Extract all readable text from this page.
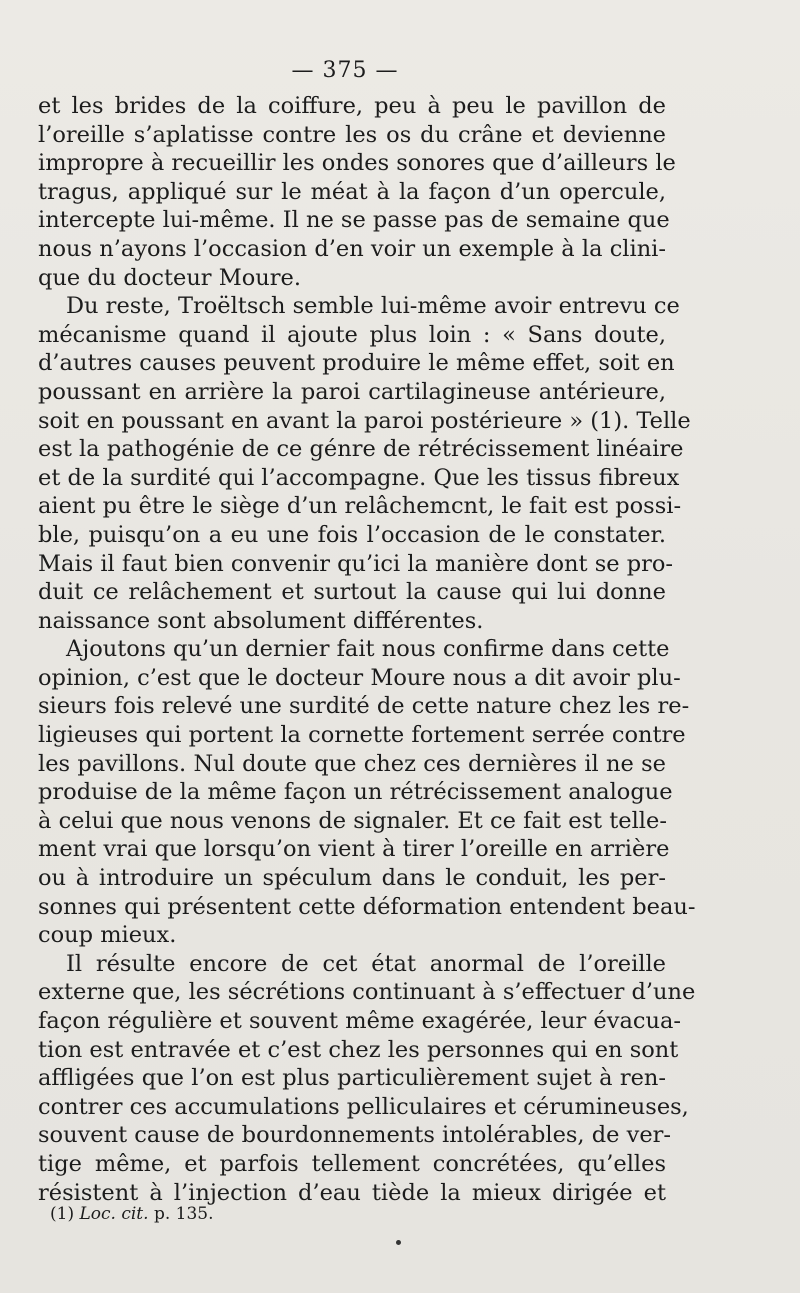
— 375 —
et les brides de la coiffure, peu à peu le pavillon de
l’oreille s’aplatisse contre les os du crâne et devienne
impropre à recueillir les ondes sonores que d’ailleurs le
tragus, appliqué sur le méat à la façon d’un opercule,
intercepte lui-même. Il ne se passe pas de semaine que
nous n’ayons l’occasion d’en voir un exemple à la clini-
que du docteur Moure.
Du reste, Troëltsch semble lui-même avoir entrevu ce
mécanisme quand il ajoute plus loin : « Sans doute,
d’autres causes peuvent produire le même effet, soit en
poussant en arrière la paroi cartilagineuse antérieure,
soit en poussant en avant la paroi postérieure » (1). Telle
est la pathogénie de ce génre de rétrécissement linéaire
et de la surdité qui l’accompagne. Que les tissus fibreux
aient pu être le siège d’un relâchemcnt, le fait est possi-
ble, puisqu’on a eu une fois l’occasion de le constater.
Mais il faut bien convenir qu’ici la manière dont se pro-
duit ce relâchement et surtout la cause qui lui donne
naissance sont absolument différentes.
Ajoutons qu’un dernier fait nous confirme dans cette
opinion, c’est que le docteur Moure nous a dit avoir plu-
sieurs fois relevé une surdité de cette nature chez les re-
ligieuses qui portent la cornette fortement serrée contre
les pavillons. Nul doute que chez ces dernières il ne se
produise de la même façon un rétrécissement analogue
à celui que nous venons de signaler. Et ce fait est telle-
ment vrai que lorsqu’on vient à tirer l’oreille en arrière
ou à introduire un spéculum dans le conduit, les per-
sonnes qui présentent cette déformation entendent beau-
coup mieux.
Il résulte encore de cet état anormal de l’oreille
externe que, les sécrétions continuant à s’effectuer d’une
façon régulière et souvent même exagérée, leur évacua-
tion est entravée et c’est chez les personnes qui en sont
affligées que l’on est plus particulièrement sujet à ren-
contrer ces accumulations pelliculaires et cérumineuses,
souvent cause de bourdonnements intolérables, de ver-
tige même, et parfois tellement concrétées, qu’elles
résistent à l’injection d’eau tiède la mieux dirigée et
(1) Loc. cit. p. 135.
